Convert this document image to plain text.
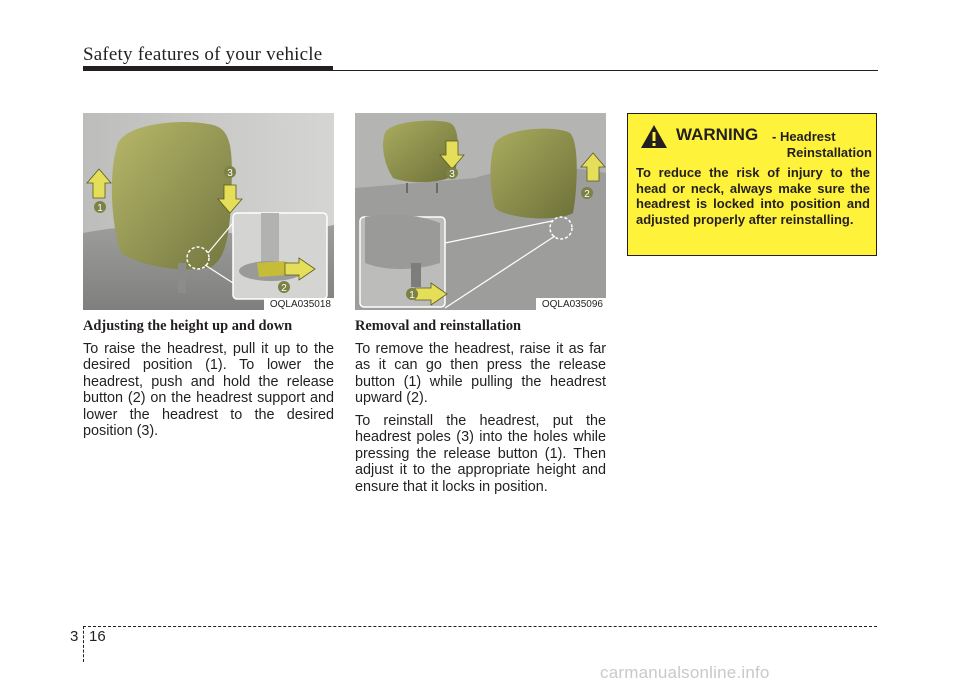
Safety features of your vehicle
1
3
2
OQLA035018
3
2
1
OQLA035096

Adjusting the height up and down

To raise the headrest, pull it up to the desired position (1). To lower the headrest, push and hold the release button (2) on the headrest support and lower the headrest to the desired position (3).

Removal and reinstallation

To remove the headrest, raise it as far as it can go then press the release button (1) while pulling the headrest upward (2).

To reinstall the headrest, put the headrest poles (3) into the holes while pressing the release button (1). Then adjust it to the appropriate height and ensure that it locks in position.

WARNING - Headrest
Reinstallation
To reduce the risk of injury to the head or neck, always make sure the headrest is locked into position and adjusted properly after reinstalling.
3 16
carmanualsonline.info
